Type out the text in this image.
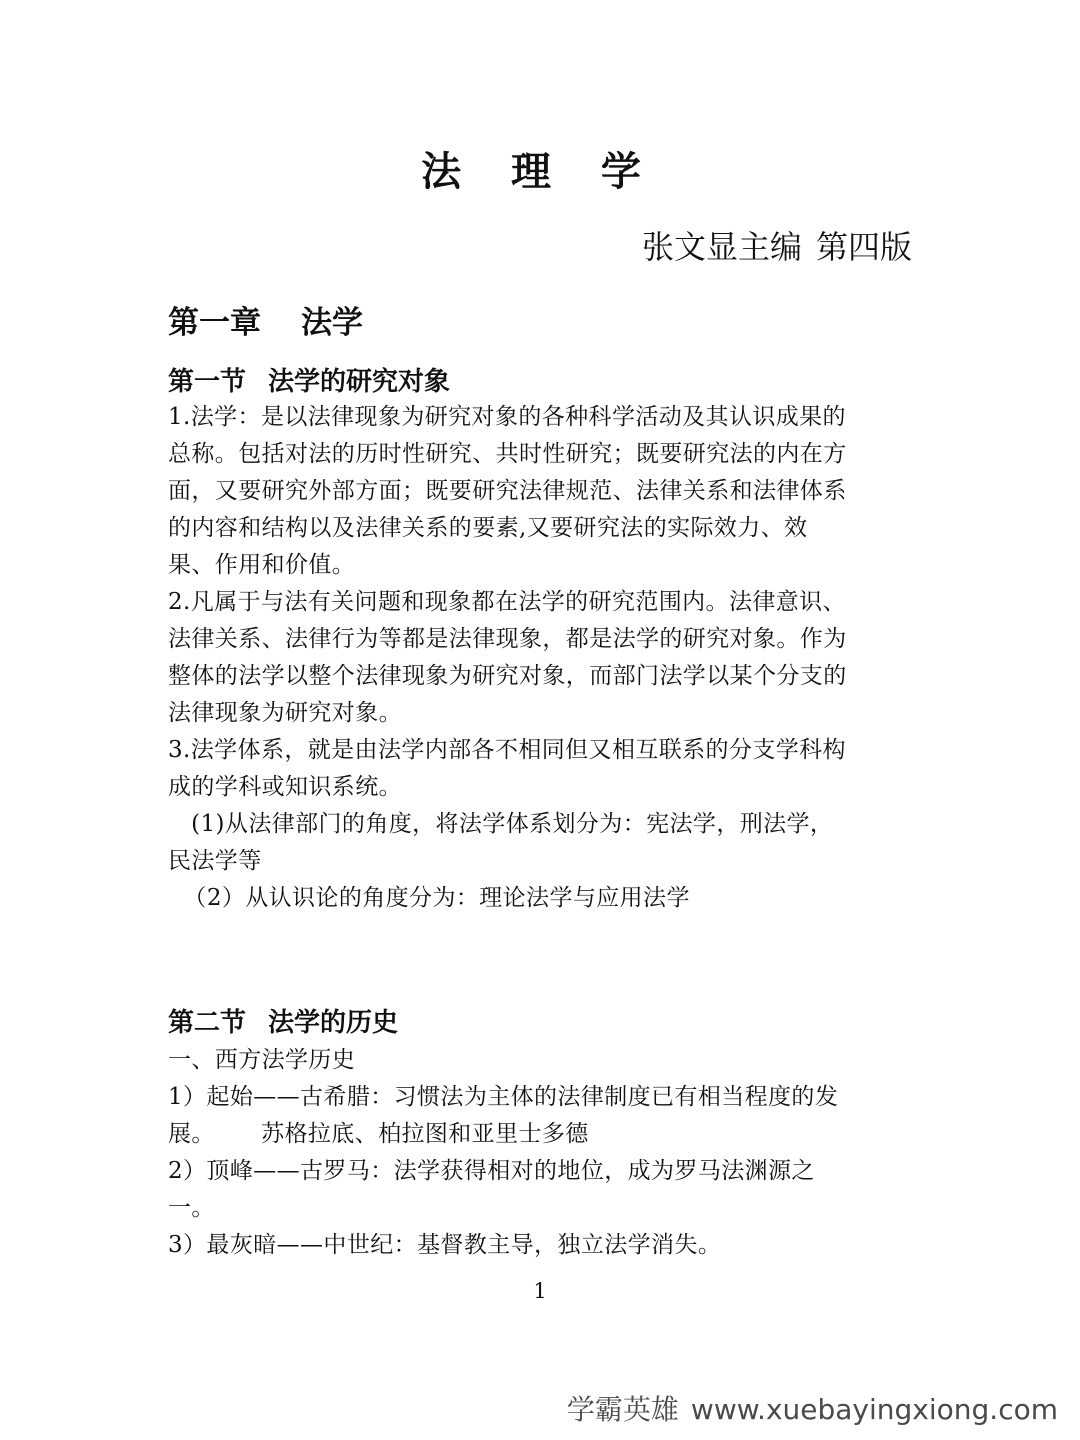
法 理 学
张文显主编 第四版
第一章 法学
第一节 法学的研究对象
1.法学：是以法律现象为研究对象的各种科学活动及其认识成果的
总称。包括对法的历时性研究、共时性研究；既要研究法的内在方
面，又要研究外部方面；既要研究法律规范、法律关系和法律体系
的内容和结构以及法律关系的要素,又要研究法的实际效力、效
果、作用和价值。
2.凡属于与法有关问题和现象都在法学的研究范围内。法律意识、
法律关系、法律行为等都是法律现象，都是法学的研究对象。作为
整体的法学以整个法律现象为研究对象，而部门法学以某个分支的
法律现象为研究对象。
3.法学体系，就是由法学内部各不相同但又相互联系的分支学科构
成的学科或知识系统。
(1)从法律部门的角度，将法学体系划分为：宪法学，刑法学，
民法学等
（2）从认识论的角度分为：理论法学与应用法学
第二节 法学的历史
一、西方法学历史
1）起始——古希腊：习惯法为主体的法律制度已有相当程度的发
展。      苏格拉底、柏拉图和亚里士多德
2）顶峰——古罗马：法学获得相对的地位，成为罗马法渊源之
一。
3）最灰暗——中世纪：基督教主导，独立法学消失。
1
学霸英雄 www.xuebayingxiong.com
